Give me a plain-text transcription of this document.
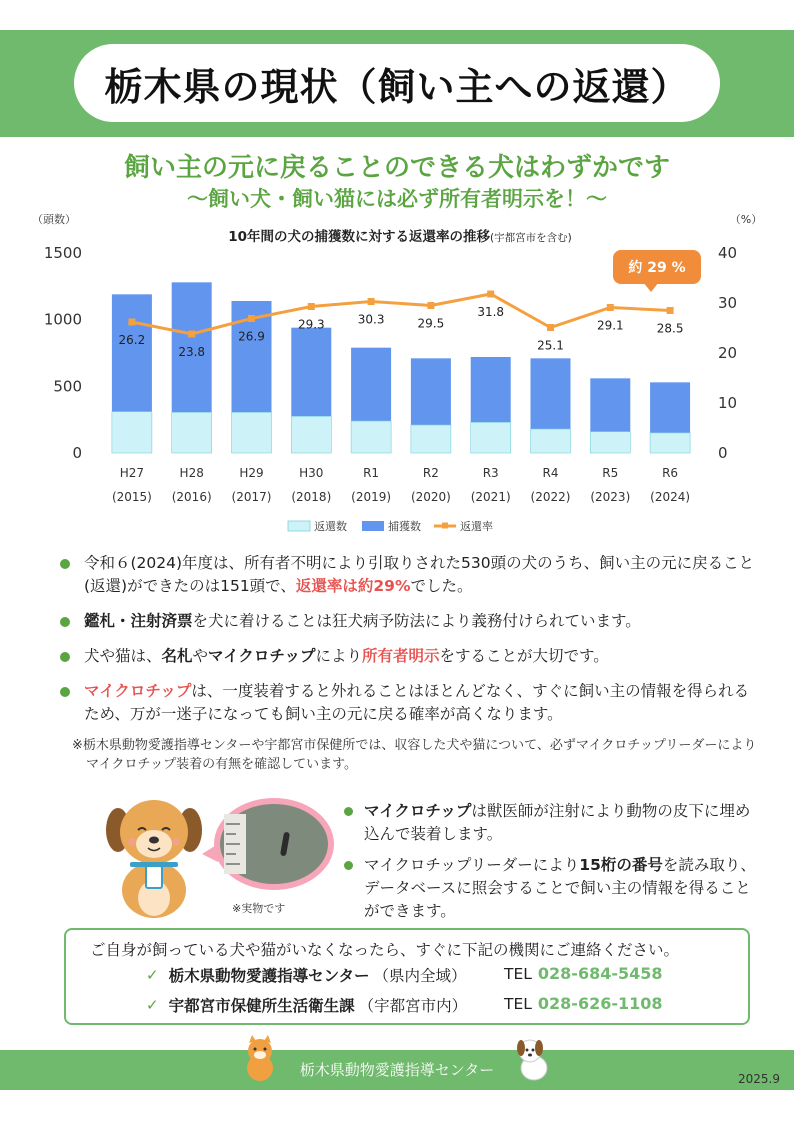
栃木県の現状（飼い主への返還）
飼い主の元に戻ることのできる犬はわずかです
～飼い犬・飼い猫には必ず所有者明示を！～
（頭数）	（%）
10年間の犬の捕獲数に対する返還率の推移(宇都宮市を含む)
0
500
1000
1500
0
10
20
30
40
H27
(2015)
H28
(2016)
H29
(2017)
H30
(2018)
R1
(2019)
R2
(2020)
R3
(2021)
R4
(2022)
R5
(2023)
R6
(2024)
26.2
23.8
26.9
29.3	30.3	29.5
31.8
25.1
29.1	28.5
返還数	捕獲数	返還率
約 29 %
令和６(2024)年度は、所有者不明により引取りされた530頭の犬のうち、飼い主の元に戻ること(返還)ができたのは151頭で、返還率は約29%でした。
鑑札・注射済票を犬に着けることは狂犬病予防法により義務付けられています。
犬や猫は、名札やマイクロチップにより所有者明示をすることが大切です。
マイクロチップは、一度装着すると外れることはほとんどなく、すぐに飼い主の情報を得られるため、万が一迷子になっても飼い主の元に戻る確率が高くなります。
※栃木県動物愛護指導センターや宇都宮市保健所では、収容した犬や猫について、必ずマイクロチップリーダーによりマイクロチップ装着の有無を確認しています。
※実物です
マイクロチップは獣医師が注射により動物の皮下に埋め込んで装着します。
マイクロチップリーダーにより15桁の番号を読み取り、データベースに照会することで飼い主の情報を得ることができます。
ご自身が飼っている犬や猫がいなくなったら、すぐに下記の機関にご連絡ください。
✓ 栃木県動物愛護指導センター （県内全域） TEL 028-684-5458
✓ 宇都宮市保健所生活衛生課 （宇都宮市内） TEL 028-626-1108
栃木県動物愛護指導センター	2025.9
